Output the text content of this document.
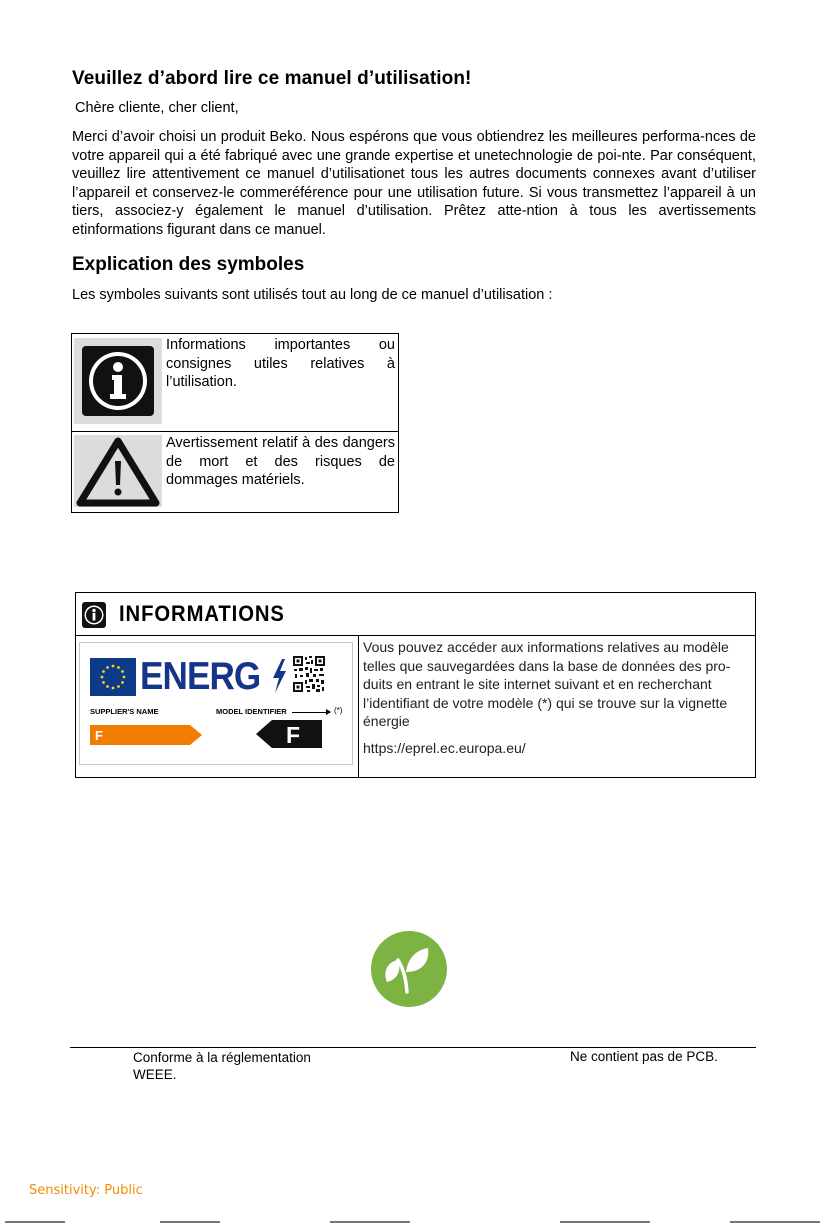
Veuillez d’abord lire ce manuel d’utilisation!
Chère cliente, cher client,

Merci d’avoir choisi un produit Beko. Nous espérons que vous obtiendrez les meilleures performa-nces de votre appareil qui a été fabriqué avec une grande expertise et unetechnologie de poi-nte. Par conséquent, veuillez lire attentivement ce manuel d’utilisationet tous les autres documents connexes avant d’utiliser l’appareil et conservez-le commeréférence pour une utilisation future. Si vous transmettez l’appareil à un tiers, associez-y également le manuel d’utilisation. Prêtez atte-ntion à tous les avertissements etinformations figurant dans ce manuel.

Explication des symboles
Les symboles suivants sont utilisés tout au long de ce manuel d’utilisation :
Informations importantes ou consignes utiles relatives à l’utilisation.
Avertissement relatif à des dangers de mort et des risques de dommages matériels.
INFORMATIONS
ENERG
SUPPLIER'S NAME	MODEL IDENTIFIER	(*)
F	F
Vous pouvez accéder aux informations relatives au modèle telles que sauvegardées dans la base de données des pro-duits en entrant le site internet suivant et en recherchant l’identifiant de votre modèle (*) qui se trouve sur la vignette énergie
https://eprel.ec.europa.eu/
Conforme à la réglementation WEEE.
Ne contient pas de PCB.
Sensitivity: Public
